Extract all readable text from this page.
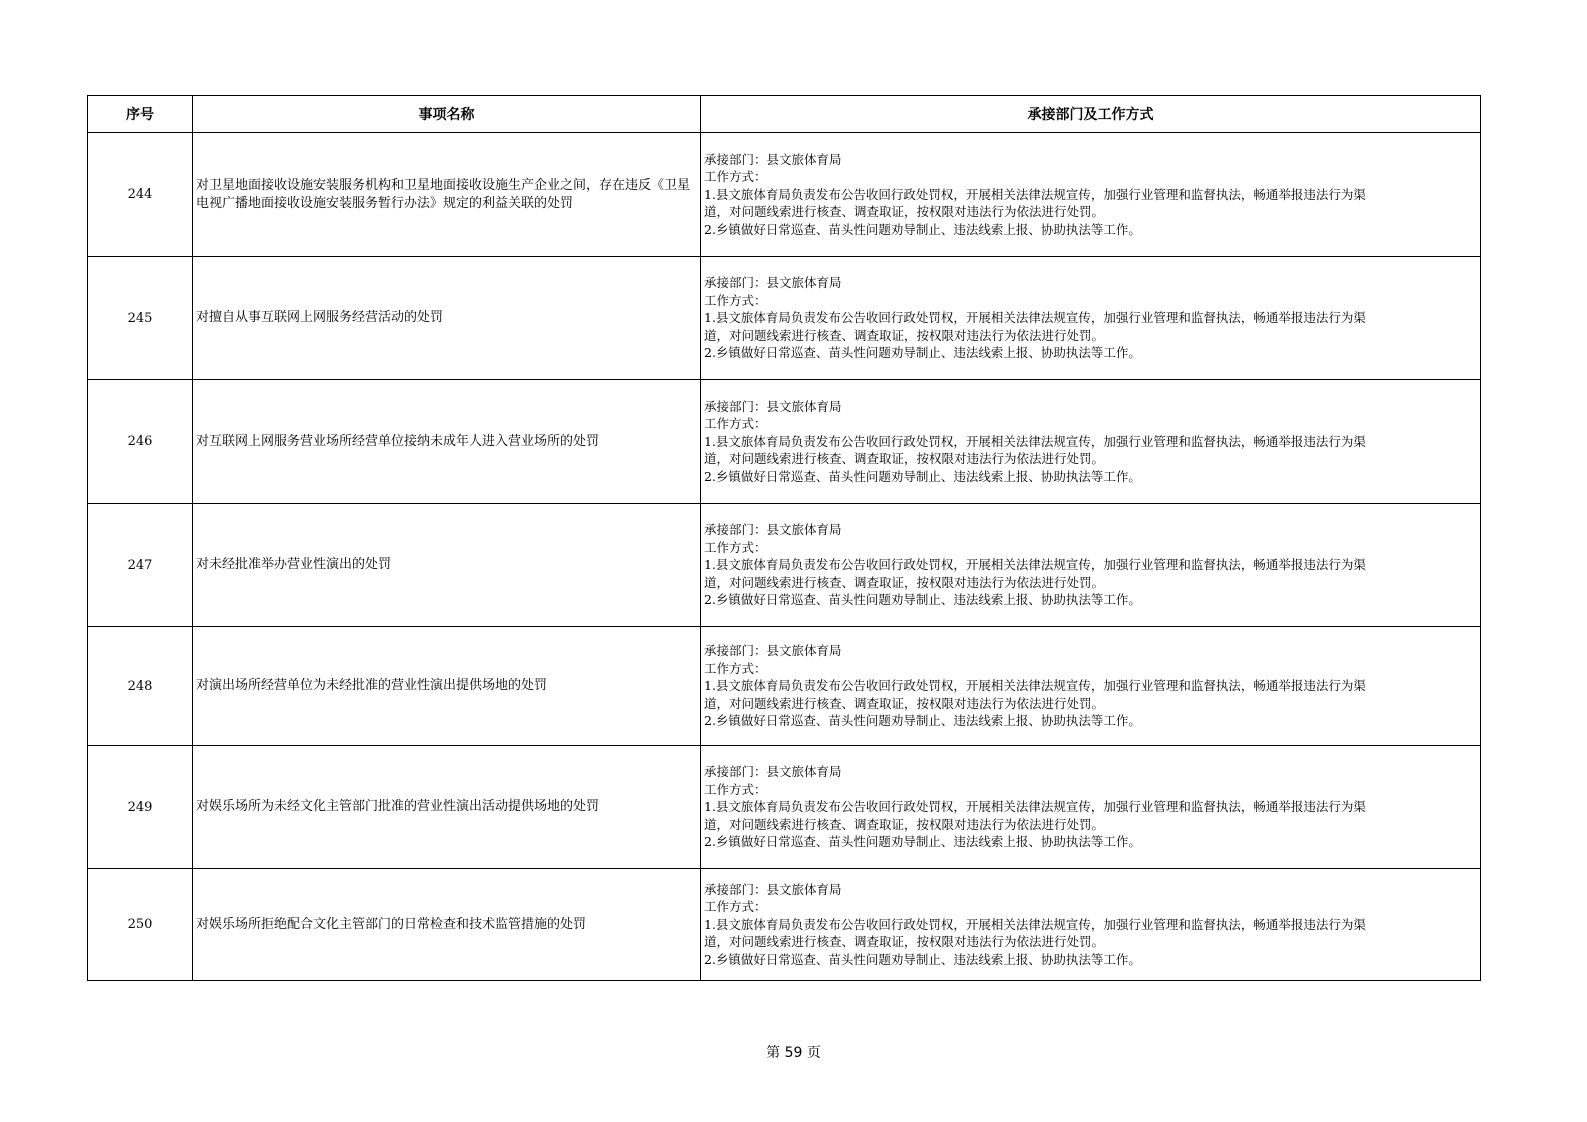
序号	事项名称	承接部门及工作方式
244	对卫星地面接收设施安装服务机构和卫星地面接收设施生产企业之间，存在违反《卫星电视广播地面接收设施安装服务暂行办法》规定的利益关联的处罚	承接部门：县文旅体育局
工作方式：
1.县文旅体育局负责发布公告收回行政处罚权，开展相关法律法规宣传，加强行业管理和监督执法，畅通举报违法行为渠
道，对问题线索进行核查、调查取证，按权限对违法行为依法进行处罚。
2.乡镇做好日常巡查、苗头性问题劝导制止、违法线索上报、协助执法等工作。

245	对擅自从事互联网上网服务经营活动的处罚	承接部门：县文旅体育局
工作方式：
1.县文旅体育局负责发布公告收回行政处罚权，开展相关法律法规宣传，加强行业管理和监督执法，畅通举报违法行为渠
道，对问题线索进行核查、调查取证，按权限对违法行为依法进行处罚。
2.乡镇做好日常巡查、苗头性问题劝导制止、违法线索上报、协助执法等工作。

246	对互联网上网服务营业场所经营单位接纳未成年人进入营业场所的处罚	承接部门：县文旅体育局
工作方式：
1.县文旅体育局负责发布公告收回行政处罚权，开展相关法律法规宣传，加强行业管理和监督执法，畅通举报违法行为渠
道，对问题线索进行核查、调查取证，按权限对违法行为依法进行处罚。
2.乡镇做好日常巡查、苗头性问题劝导制止、违法线索上报、协助执法等工作。

247	对未经批准举办营业性演出的处罚	承接部门：县文旅体育局
工作方式：
1.县文旅体育局负责发布公告收回行政处罚权，开展相关法律法规宣传，加强行业管理和监督执法，畅通举报违法行为渠
道，对问题线索进行核查、调查取证，按权限对违法行为依法进行处罚。
2.乡镇做好日常巡查、苗头性问题劝导制止、违法线索上报、协助执法等工作。

248	对演出场所经营单位为未经批准的营业性演出提供场地的处罚	承接部门：县文旅体育局
工作方式：
1.县文旅体育局负责发布公告收回行政处罚权，开展相关法律法规宣传，加强行业管理和监督执法，畅通举报违法行为渠
道，对问题线索进行核查、调查取证，按权限对违法行为依法进行处罚。
2.乡镇做好日常巡查、苗头性问题劝导制止、违法线索上报、协助执法等工作。

249	对娱乐场所为未经文化主管部门批准的营业性演出活动提供场地的处罚	承接部门：县文旅体育局
工作方式：
1.县文旅体育局负责发布公告收回行政处罚权，开展相关法律法规宣传，加强行业管理和监督执法，畅通举报违法行为渠
道，对问题线索进行核查、调查取证，按权限对违法行为依法进行处罚。
2.乡镇做好日常巡查、苗头性问题劝导制止、违法线索上报、协助执法等工作。

250	对娱乐场所拒绝配合文化主管部门的日常检查和技术监管措施的处罚	承接部门：县文旅体育局
工作方式：
1.县文旅体育局负责发布公告收回行政处罚权，开展相关法律法规宣传，加强行业管理和监督执法，畅通举报违法行为渠
道，对问题线索进行核查、调查取证，按权限对违法行为依法进行处罚。
2.乡镇做好日常巡查、苗头性问题劝导制止、违法线索上报、协助执法等工作。
第 59 页
